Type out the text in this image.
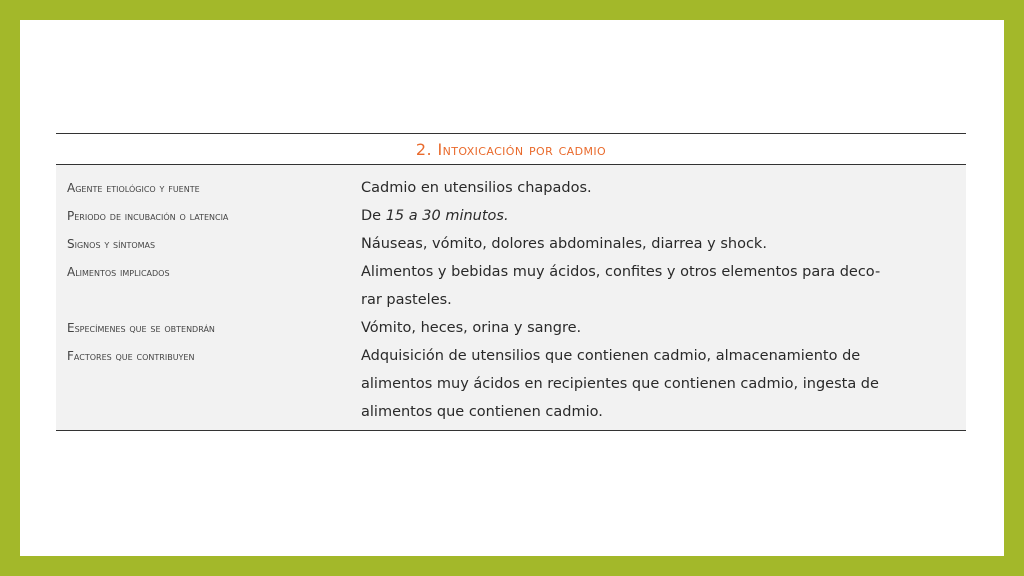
2. Intoxicación por cadmio
Agente etiológico y fuente	Cadmio en utensilios chapados.
Periodo de incubación o latencia	De 15 a 30 minutos.
Signos y síntomas	Náuseas, vómito, dolores abdominales, diarrea y shock.
Alimentos implicados	Alimentos y bebidas muy ácidos, confites y otros elementos para deco-
rar pasteles.
Especímenes que se obtendrán	Vómito, heces, orina y sangre.
Factores que contribuyen	Adquisición de utensilios que contienen cadmio, almacenamiento de
alimentos muy ácidos en recipientes que contienen cadmio, ingesta de
alimentos que contienen cadmio.
